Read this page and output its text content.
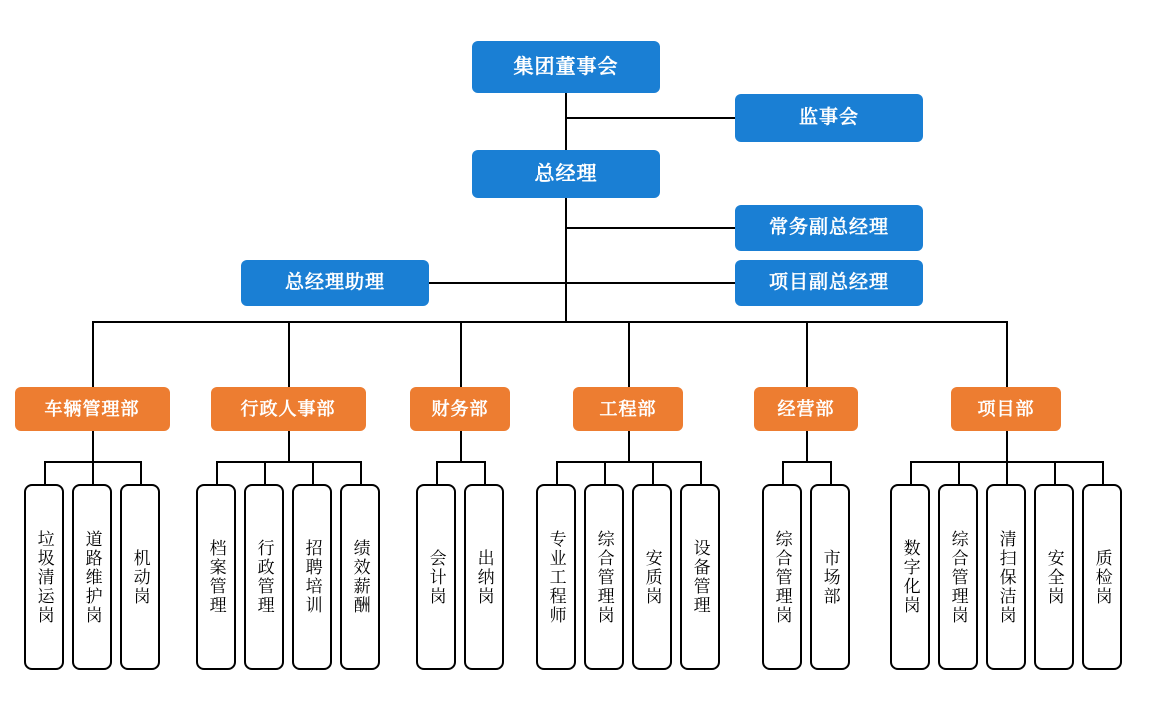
集团董事会
监事会
总经理
常务副总经理
总经理助理	项目副总经理
车辆管理部
垃圾清运岗	道路维护岗	机动岗
行政人事部
档案管理	行政管理	招聘培训	绩效薪酬
财务部
会计岗	出纳岗
工程部
专业工程师	综合管理岗	安质岗	设备管理
经营部
综合管理岗	市场部
项目部
数字化岗	综合管理岗	清扫保洁岗	安全岗	质检岗
